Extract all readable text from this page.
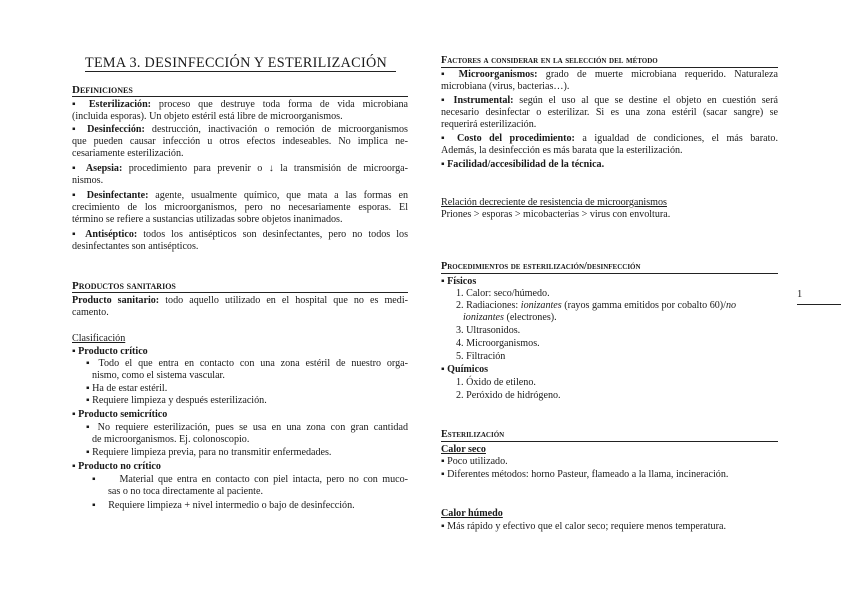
TEMA 3. DESINFECCIÓN Y ESTERILIZACIÓN
Definiciones
▪ Esterilización: proceso que destruye toda forma de vida microbiana
(incluida esporas). Un objeto estéril está libre de microorganismos.
▪ Desinfección: destrucción, inactivación o remoción de microorganismos
que pueden causar infección u otros efectos indeseables. No implica ne-
cesariamente esterilización.
▪ Asepsia: procedimiento para prevenir o ↓ la transmisión de microorga-
nismos.
▪ Desinfectante: agente, usualmente químico, que mata a las formas en
crecimiento de los microorganismos, pero no necesariamente esporas. El
término se refiere a sustancias utilizadas sobre objetos inanimados.
▪ Antiséptico: todos los antisépticos son desinfectantes, pero no todos los
desinfectantes son antisépticos.
Productos sanitarios
Producto sanitario: todo aquello utilizado en el hospital que no es medi-
camento.
Clasificación
▪ Producto crítico
▪ Todo el que entra en contacto con una zona estéril de nuestro orga-
nismo, como el sistema vascular.
▪ Ha de estar estéril.
▪ Requiere limpieza y después esterilización.
▪ Producto semicrítico
▪ No requiere esterilización, pues se usa en una zona con gran cantidad
de microorganismos. Ej. colonoscopio.
▪ Requiere limpieza previa, para no transmitir enfermedades.
▪ Producto no crítico
▪     Material que entra en contacto con piel intacta, pero no con muco-
sas o no toca directamente al paciente.
▪     Requiere limpieza + nivel intermedio o bajo de desinfección.
Factores a considerar en la selección del método
▪ Microorganismos: grado de muerte microbiana requerido. Naturaleza
microbiana (virus, bacterias…).
▪ Instrumental: según el uso al que se destine el objeto en cuestión será
necesario desinfectar o esterilizar. Si es una zona estéril (sacar sangre) se
requerirá esterilización.
▪ Costo del procedimiento: a igualdad de condiciones, el más barato.
Además, la desinfección es más barata que la esterilización.
▪ Facilidad/accesibilidad de la técnica.
Relación decreciente de resistencia de microorganismos
Priones > esporas > micobacterias > virus con envoltura.
Procedimientos de esterilización/desinfección
▪ Físicos
1. Calor: seco/húmedo.
2. Radiaciones: ionizantes (rayos gamma emitidos por cobalto 60)/no
ionizantes (electrones).
3. Ultrasonidos.
4. Microorganismos.
5. Filtración
▪ Químicos
1. Óxido de etileno.
2. Peróxido de hidrógeno.
Esterilización
Calor seco
▪ Poco utilizado.
▪ Diferentes métodos: horno Pasteur, flameado a la llama, incineración.
Calor húmedo
▪ Más rápido y efectivo que el calor seco; requiere menos temperatura.
1
